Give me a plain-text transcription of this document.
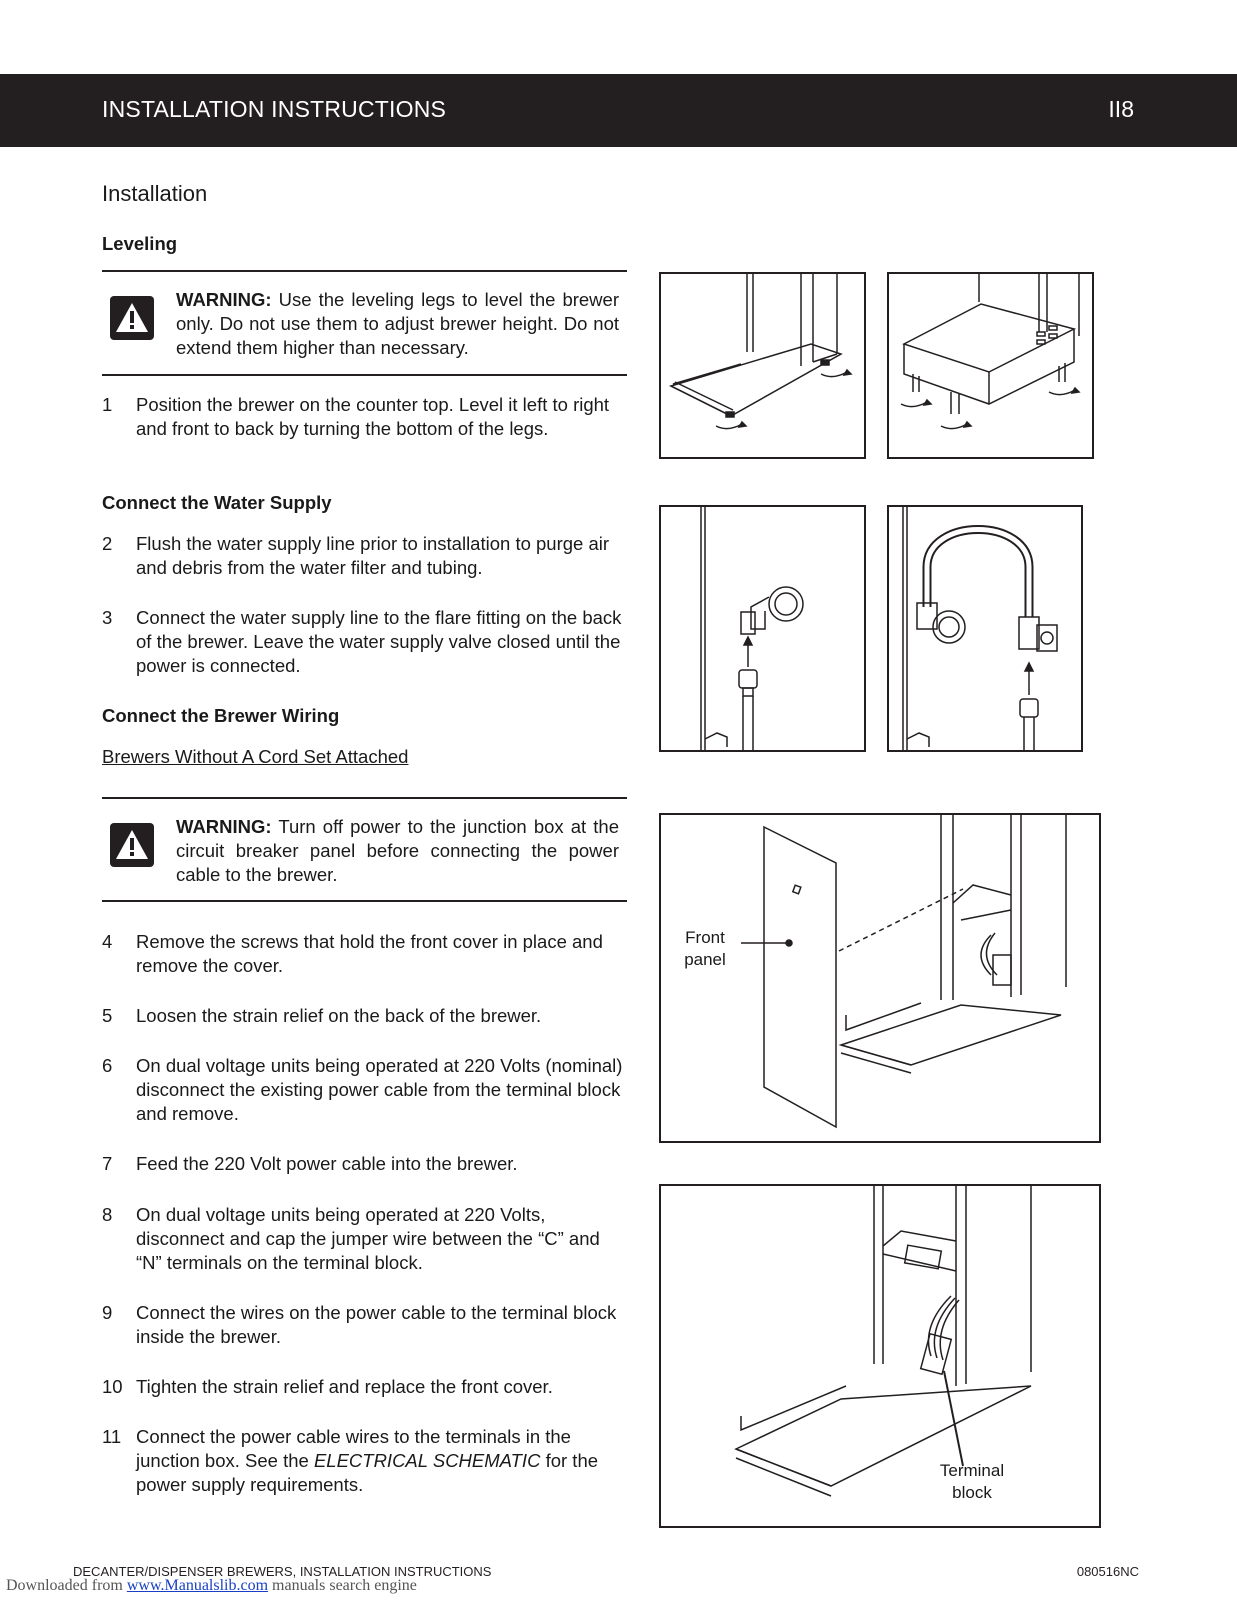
INSTALLATION INSTRUCTIONS	II8
Installation
Leveling
WARNING: Use the leveling legs to level the brewer only. Do not use them to adjust brewer height. Do not extend them higher than necessary.
1 Position the brewer on the counter top. Level it left to right and front to back by turning the bottom of the legs.
Connect the Water Supply
2 Flush the water supply line prior to installation to purge air and debris from the water filter and tubing.
3 Connect the water supply line to the flare fitting on the back of the brewer. Leave the water supply valve closed until the power is connected.
Connect the Brewer Wiring
Brewers Without A Cord Set Attached
WARNING: Turn off power to the junction box at the circuit breaker panel before connecting the power cable to the brewer.
4 Remove the screws that hold the front cover in place and remove the cover.
5 Loosen the strain relief on the back of the brewer.
6 On dual voltage units being operated at 220 Volts (nominal) disconnect the existing power cable from the terminal block and remove.
7 Feed the 220 Volt power cable into the brewer.
8 On dual voltage units being operated at 220 Volts, disconnect and cap the jumper wire between the “C” and “N” terminals on the terminal block.
9 Connect the wires on the power cable to the terminal block inside the brewer.
10 Tighten the strain relief and replace the front cover.
11 Connect the power cable wires to the terminals in the junction box. See the ELECTRICAL SCHEMATIC for the power supply requirements.
Front
panel
Terminal
block
DECANTER/DISPENSER BREWERS, INSTALLATION INSTRUCTIONS	080516NC
Downloaded from www.Manualslib.com manuals search engine
